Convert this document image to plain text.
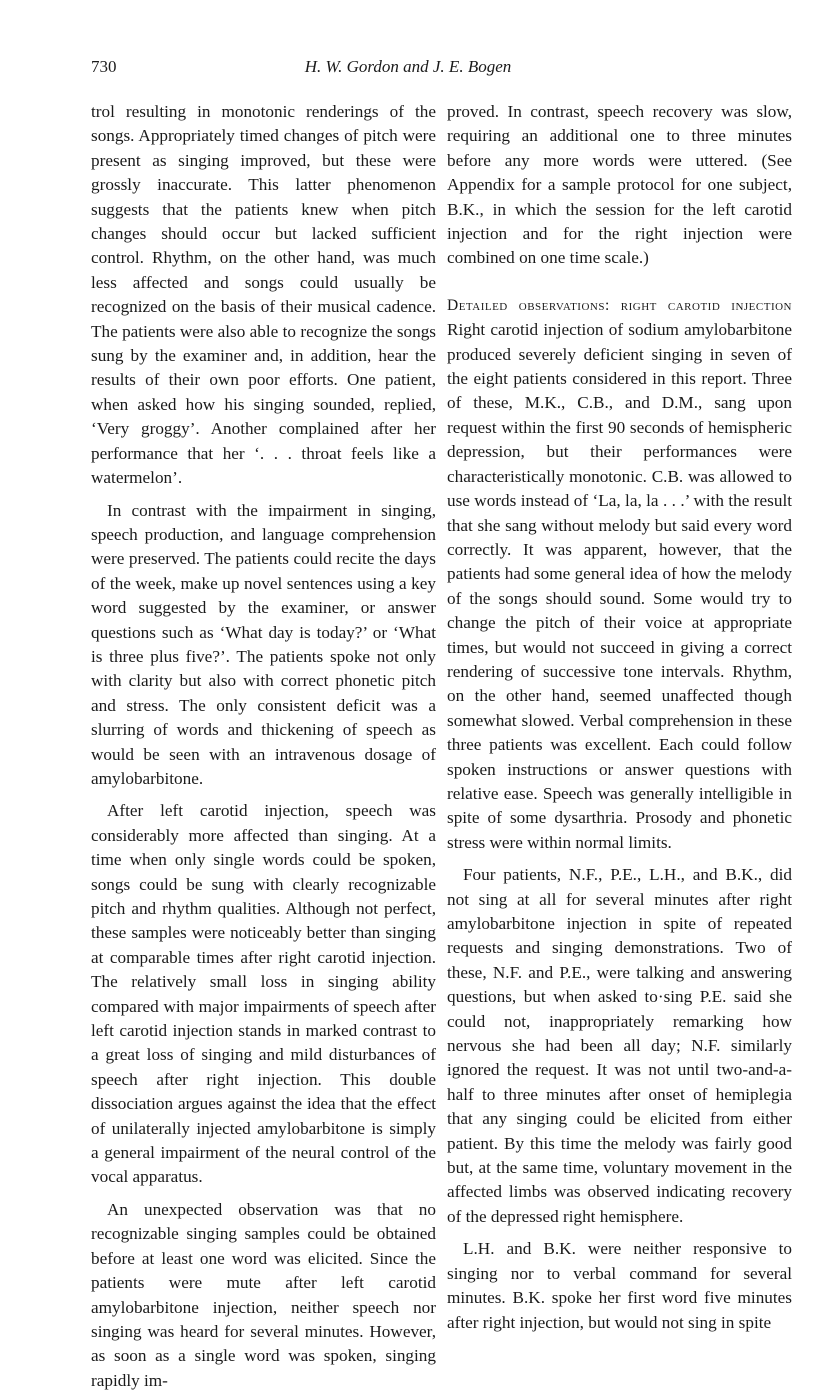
730	H. W. Gordon and J. E. Bogen

trol resulting in monotonic renderings of the songs. Appropriately timed changes of pitch were present as singing improved, but these were grossly inaccurate. This latter phenomenon suggests that the patients knew when pitch changes should occur but lacked sufficient control. Rhythm, on the other hand, was much less affected and songs could usually be recognized on the basis of their musical cadence. The patients were also able to recognize the songs sung by the examiner and, in addition, hear the results of their own poor efforts. One patient, when asked how his singing sounded, replied, ‘Very groggy’. Another complained after her performance that her ‘. . . throat feels like a watermelon’.

In contrast with the impairment in singing, speech production, and language comprehension were preserved. The patients could recite the days of the week, make up novel sentences using a key word suggested by the examiner, or answer questions such as ‘What day is today?’ or ‘What is three plus five?’. The patients spoke not only with clarity but also with correct phonetic pitch and stress. The only consistent deficit was a slurring of words and thickening of speech as would be seen with an intravenous dosage of amylobarbitone.

After left carotid injection, speech was considerably more affected than singing. At a time when only single words could be spoken, songs could be sung with clearly recognizable pitch and rhythm qualities. Although not perfect, these samples were noticeably better than singing at comparable times after right carotid injection. The relatively small loss in singing ability compared with major impairments of speech after left carotid injection stands in marked contrast to a great loss of singing and mild disturbances of speech after right injection. This double dissociation argues against the idea that the effect of unilaterally injected amylobarbitone is simply a general impairment of the neural control of the vocal apparatus.

An unexpected observation was that no recognizable singing samples could be obtained before at least one word was elicited. Since the patients were mute after left carotid amylobarbitone injection, neither speech nor singing was heard for several minutes. However, as soon as a single word was spoken, singing rapidly im-

proved. In contrast, speech recovery was slow, requiring an additional one to three minutes before any more words were uttered. (See Appendix for a sample protocol for one subject, B.K., in which the session for the left carotid injection and for the right injection were combined on one time scale.)

Detailed observations: right carotid injection Right carotid injection of sodium amylobarbitone produced severely deficient singing in seven of the eight patients considered in this report. Three of these, M.K., C.B., and D.M., sang upon request within the first 90 seconds of hemispheric depression, but their performances were characteristically monotonic. C.B. was allowed to use words instead of ‘La, la, la . . .’ with the result that she sang without melody but said every word correctly. It was apparent, however, that the patients had some general idea of how the melody of the songs should sound. Some would try to change the pitch of their voice at appropriate times, but would not succeed in giving a correct rendering of successive tone intervals. Rhythm, on the other hand, seemed unaffected though somewhat slowed. Verbal comprehension in these three patients was excellent. Each could follow spoken instructions or answer questions with relative ease. Speech was generally intelligible in spite of some dysarthria. Prosody and phonetic stress were within normal limits.

Four patients, N.F., P.E., L.H., and B.K., did not sing at all for several minutes after right amylobarbitone injection in spite of repeated requests and singing demonstrations. Two of these, N.F. and P.E., were talking and answering questions, but when asked to·sing P.E. said she could not, inappropriately remarking how nervous she had been all day; N.F. similarly ignored the request. It was not until two-and-a-half to three minutes after onset of hemiplegia that any singing could be elicited from either patient. By this time the melody was fairly good but, at the same time, voluntary movement in the affected limbs was observed indicating recovery of the depressed right hemisphere.

L.H. and B.K. were neither responsive to singing nor to verbal command for several minutes. B.K. spoke her first word five minutes after right injection, but would not sing in spite
